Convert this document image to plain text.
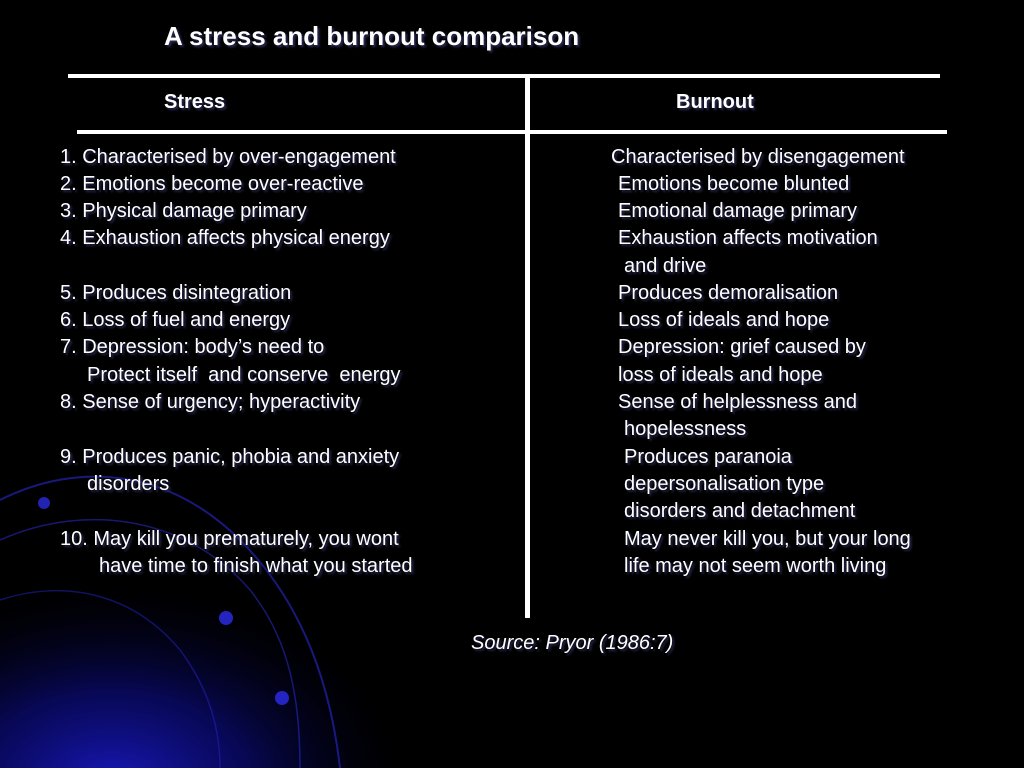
A stress and burnout comparison
Stress	Burnout
1. Characterised by over-engagement
2. Emotions become over-reactive
3. Physical damage primary
4. Exhaustion affects physical energy
5. Produces disintegration
6. Loss of fuel and energy
7. Depression: body’s need to
Protect itself  and conserve  energy
8. Sense of urgency; hyperactivity
9. Produces panic, phobia and anxiety
disorders
10. May kill you prematurely, you wont
have time to finish what you started
Characterised by disengagement
Emotions become blunted
Emotional damage primary
Exhaustion affects motivation
and drive
Produces demoralisation
Loss of ideals and hope
Depression: grief caused by
loss of ideals and hope
Sense of helplessness and
hopelessness
Produces paranoia
depersonalisation type
disorders and detachment
May never kill you, but your long
life may not seem worth living
Source: Pryor (1986:7)
